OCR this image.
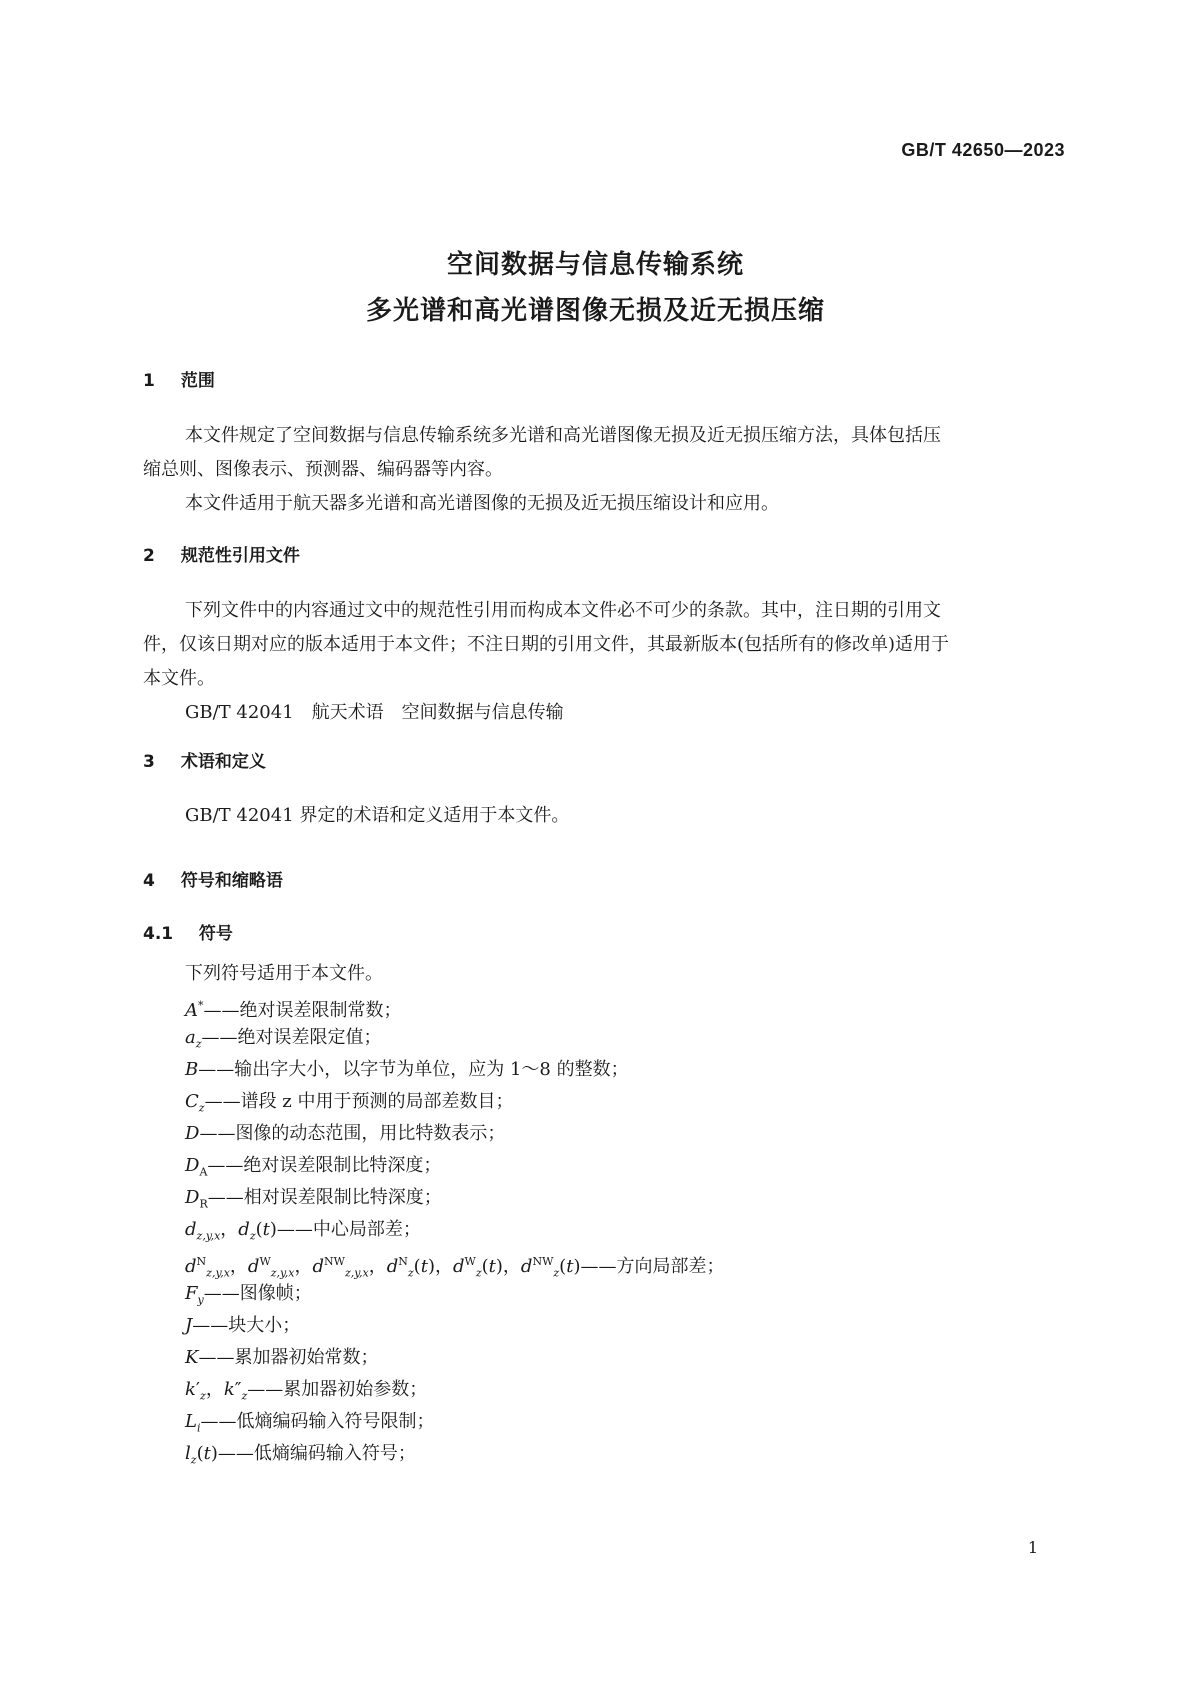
GB/T 42650—2023
空间数据与信息传输系统
多光谱和高光谱图像无损及近无损压缩
1 范围
本文件规定了空间数据与信息传输系统多光谱和高光谱图像无损及近无损压缩方法，具体包括压
缩总则、图像表示、预测器、编码器等内容。
本文件适用于航天器多光谱和高光谱图像的无损及近无损压缩设计和应用。
2 规范性引用文件
下列文件中的内容通过文中的规范性引用而构成本文件必不可少的条款。其中，注日期的引用文
件，仅该日期对应的版本适用于本文件；不注日期的引用文件，其最新版本(包括所有的修改单)适用于
本文件。
GB/T 42041　航天术语　空间数据与信息传输
3 术语和定义
GB/T 42041 界定的术语和定义适用于本文件。
4 符号和缩略语
4.1 符号
下列符号适用于本文件。
A*——绝对误差限制常数；
$a_z——$绝对误差限定值；
B——输出字大小，以字节为单位，应为 1～8 的整数；
$C_z——$谱段 z 中用于预测的局部差数目；
D——图像的动态范围，用比特数表示；
$D_A——$绝对误差限制比特深度；
$D_R——$相对误差限制比特深度；
$d_{z,y,x}$，$d_z(t)——$中心局部差；
$d^N_{z,y,x}$，$d^W_{z,y,x}$，$d^{NW}_{z,y,x}$，$d^N_z(t)$，$d^W_z(t)$，$d^{NW}_z(t)——$方向局部差；
$F_y——$图像帧；
J——块大小；
K——累加器初始常数；
$k'_z$，$k''_z——$累加器初始参数；
$L_i——$低熵编码输入符号限制；
$l_z(t)——$低熵编码输入符号；
1
